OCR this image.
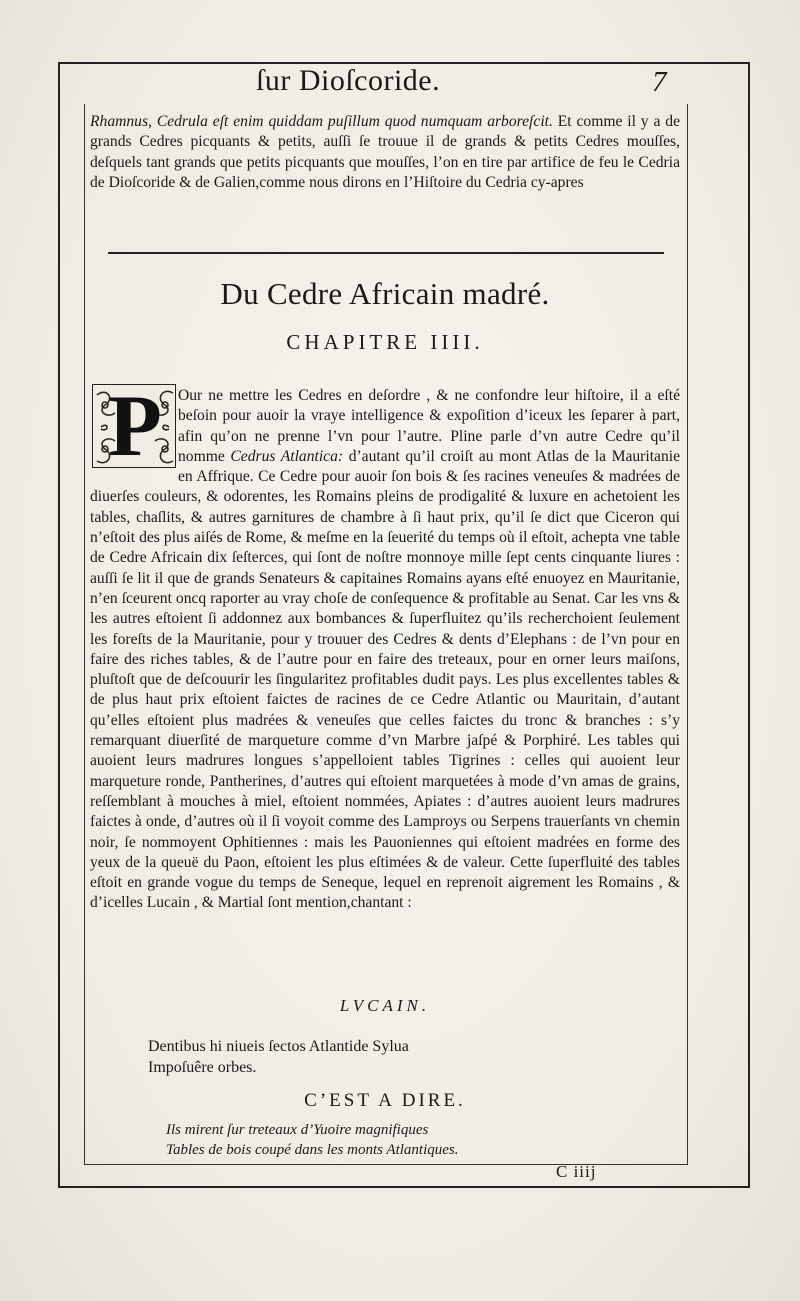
ſur Dioſcoride.	7
Rhamnus, Cedrula eſt enim quiddam puſillum quod numquam arboreſcit. Et comme il y a de grands Cedres picquants & petits, auſſi ſe trouue il de grands & petits Cedres mouſſes, deſquels tant grands que petits picquants que mouſſes, l’on en tire par artifice de feu le Cedria de Dioſcoride & de Galien,comme nous dirons en l’Hiſtoire du Cedria cy-apres
Du Cedre Africain madré.
CHAPITRE IIII.
P	Our ne mettre les Cedres en deſordre , & ne confondre leur hiſtoire, il a eſté beſoin pour auoir la vraye intelligence & expoſition d’iceux les ſeparer à part, afin qu’on ne prenne l’vn pour l’autre. Pline parle d’vn autre Cedre qu’il nomme Cedrus Atlantica: d’autant qu’il croiſt au mont Atlas de la Mauritanie en Affrique. Ce Cedre pour auoir ſon bois & ſes racines veneuſes & madrées de diuerſes couleurs, & odorentes, les Romains pleins de prodigalité & luxure en achetoient les tables, chaſlits, & autres garnitures de chambre à ſi haut prix, qu’il ſe dict que Ciceron qui n’eſtoit des plus aiſés de Rome, & meſme en la ſeuerité du temps où il eſtoit, achepta vne table de Cedre Africain dix ſeſterces, qui ſont de noſtre monnoye mille ſept cents cinquante liures : auſſi ſe lit il que de grands Senateurs & capitaines Romains ayans eſté enuoyez en Mauritanie, n’en ſceurent oncq raporter au vray choſe de conſequence & profitable au Senat. Car les vns & les autres eſtoient ſi addonnez aux bombances & ſuperfluitez qu’ils recherchoient ſeulement les foreſts de la Mauritanie, pour y trouuer des Cedres & dents d’Elephans : de l’vn pour en faire des riches tables, & de l’autre pour en faire des treteaux, pour en orner leurs maiſons, pluſtoſt que de deſcouurir les ſingularitez profitables dudit pays. Les plus excellentes tables & de plus haut prix eſtoient faictes de racines de ce Cedre Atlantic ou Mauritain, d’autant qu’elles eſtoient plus madrées & veneuſes que celles faictes du tronc & branches : s’y remarquant diuerſité de marqueture comme d’vn Marbre jaſpé & Porphiré. Les tables qui auoient leurs madrures longues s’appelloient tables Tigrines : celles qui auoient leur marqueture ronde, Pantherines, d’autres qui eſtoient marquetées à mode d’vn amas de grains, reſſemblant à mouches à miel, eſtoient nommées, Apiates : d’autres auoient leurs madrures faictes à onde, d’autres où il ſi voyoit comme des Lamproys ou Serpens trauerſants vn chemin noir, ſe nommoyent Ophitiennes : mais les Pauoniennes qui eſtoient madrées en forme des yeux de la queuë du Paon, eſtoient les plus eſtimées & de valeur. Cette ſuperfluité des tables eſtoit en grande vogue du temps de Seneque, lequel en reprenoit aigrement les Romains , & d’icelles Lucain , & Martial ſont mention,chantant :
LVCAIN.
Dentibus hi niueis ſectos Atlantide Sylua
Impoſuêre orbes.
C’EST A DIRE.
Ils mirent ſur treteaux d’Yuoire magnifiques
Tables de bois coupé dans les monts Atlantiques.
C iiij
